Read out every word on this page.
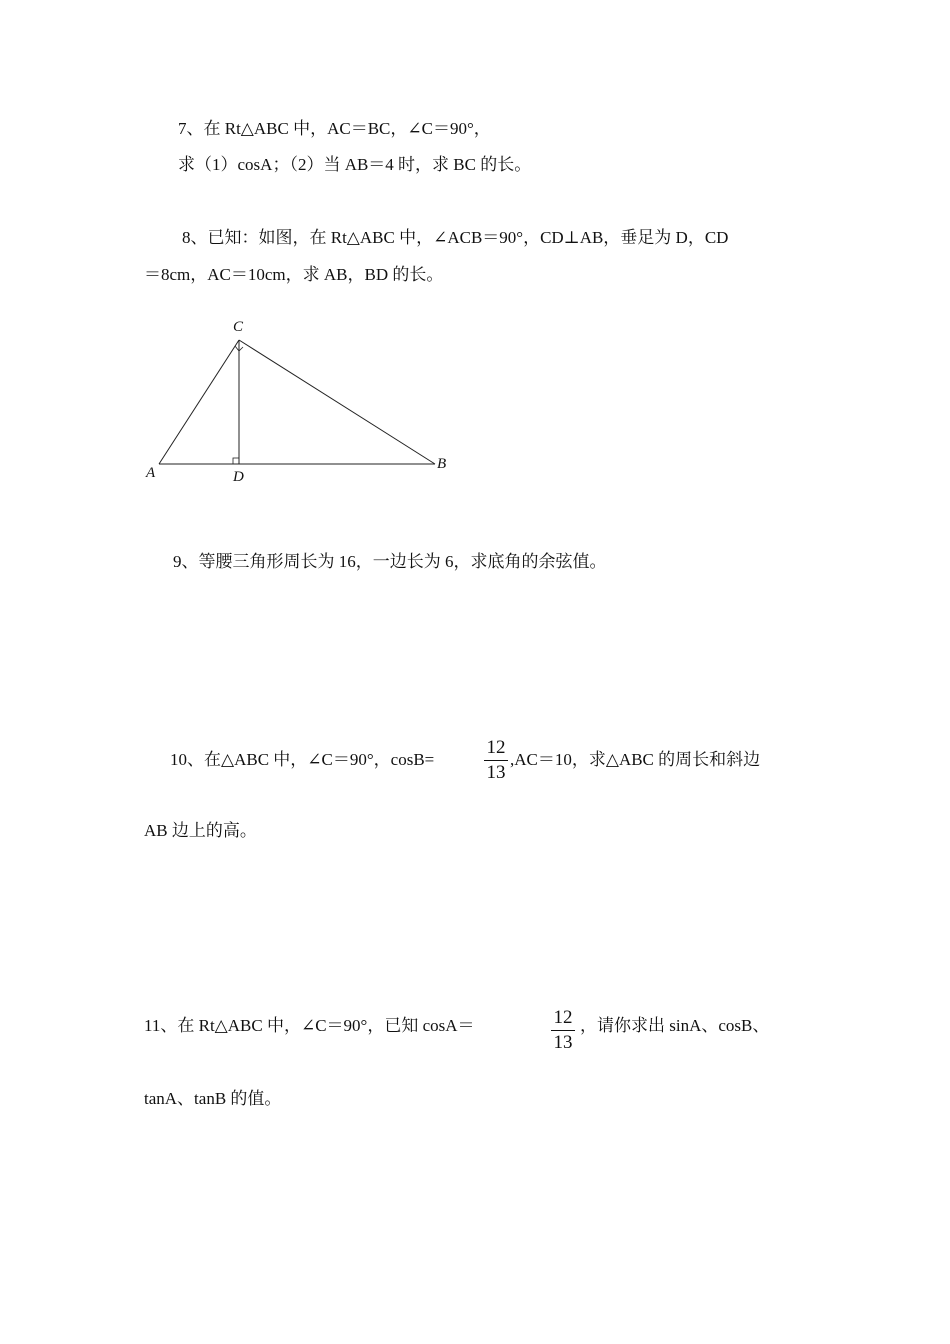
7、在 Rt△ABC 中，AC＝BC，∠C＝90°，
求（1）cosA；（2）当 AB＝4 时，求 BC 的长。
8、已知：如图，在 Rt△ABC 中，∠ACB＝90°，CD⊥AB，垂足为 D，CD
＝8cm，AC＝10cm，求 AB，BD 的长。
C
A	D
B
9、等腰三角形周长为 16，一边长为 6，求底角的余弦值。
10、在△ABC 中，∠C＝90°，cosB=
12
13
,AC＝10，求△ABC 的周长和斜边
AB 边上的高。
11、在 Rt△ABC 中，∠C＝90°，已知 cosA＝	12
13
，请你求出 sinA、cosB、
tanA、tanB 的值。
